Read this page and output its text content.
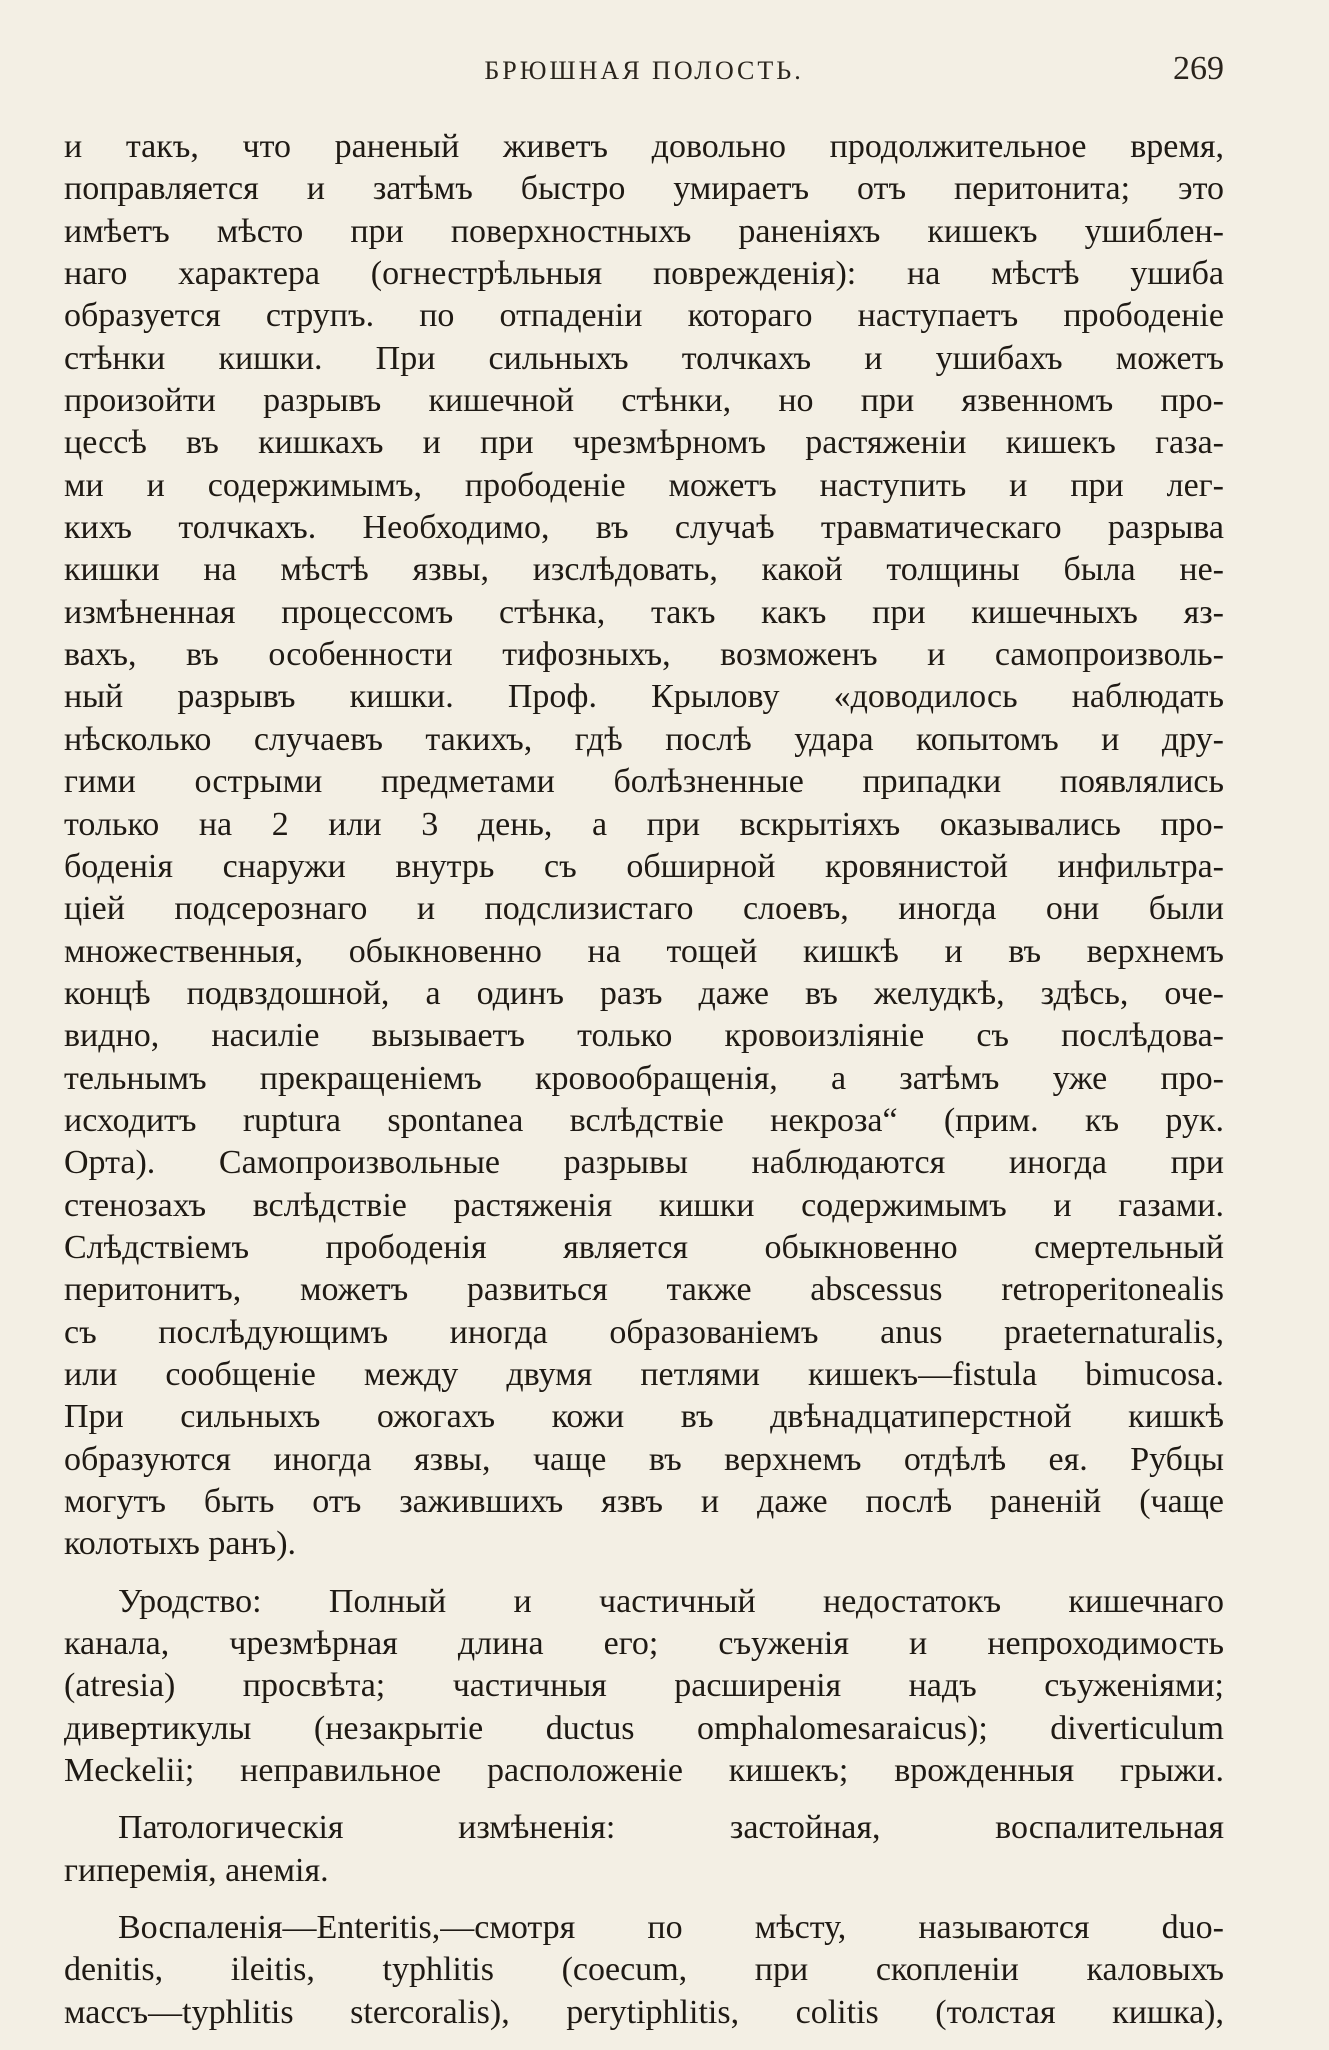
БРЮШНАЯ ПОЛОСТЬ.	269
и такъ, что раненый живетъ довольно продолжительное время,
поправляется и затѣмъ быстро умираетъ отъ перитонита; это
имѣетъ мѣсто при поверхностныхъ раненіяхъ кишекъ ушиблен-
наго характера (огнестрѣльныя поврежденія): на мѣстѣ ушиба
образуется струпъ. по отпаденіи котораго наступаетъ прободеніе
стѣнки кишки. При сильныхъ толчкахъ и ушибахъ можетъ
произойти разрывъ кишечной стѣнки, но при язвенномъ про-
цессѣ въ кишкахъ и при чрезмѣрномъ растяженіи кишекъ газа-
ми и содержимымъ, прободеніе можетъ наступить и при лег-
кихъ толчкахъ. Необходимо, въ случаѣ травматическаго разрыва
кишки на мѣстѣ язвы, изслѣдовать, какой толщины была не-
измѣненная процессомъ стѣнка, такъ какъ при кишечныхъ яз-
вахъ, въ особенности тифозныхъ, возможенъ и самопроизволь-
ный разрывъ кишки. Проф. Крылову «доводилось наблюдать
нѣсколько случаевъ такихъ, гдѣ послѣ удара копытомъ и дру-
гими острыми предметами болѣзненные припадки появлялись
только на 2 или 3 день, а при вскрытіяхъ оказывались про-
боденія снаружи внутрь съ обширной кровянистой инфильтра-
ціей подсерознаго и подслизистаго слоевъ, иногда они были
множественныя, обыкновенно на тощей кишкѣ и въ верхнемъ
концѣ подвздошной, а одинъ разъ даже въ желудкѣ, здѣсь, оче-
видно, насиліе вызываетъ только кровоизліяніе съ послѣдова-
тельнымъ прекращеніемъ кровообращенія, а затѣмъ уже про-
исходитъ ruptura spontanea вслѣдствіе некроза“ (прим. къ рук.
Орта). Самопроизвольные разрывы наблюдаются иногда при
стенозахъ вслѣдствіе растяженія кишки содержимымъ и газами.
Слѣдствіемъ прободенія является обыкновенно смертельный
перитонитъ, можетъ развиться также abscessus retroperitonealis
съ послѣдующимъ иногда образованіемъ anus praeternaturalis,
или сообщеніе между двумя петлями кишекъ—fistula bimucosa.
При сильныхъ ожогахъ кожи въ двѣнадцатиперстной кишкѣ
образуются иногда язвы, чаще въ верхнемъ отдѣлѣ ея. Рубцы
могутъ быть отъ зажившихъ язвъ и даже послѣ раненій (чаще
колотыхъ ранъ).
Уродство: Полный и частичный недостатокъ кишечнаго
канала, чрезмѣрная длина его; съуженія и непроходимость
(atresia) просвѣта; частичныя расширенія надъ съуженіями;
дивертикулы (незакрытіе ductus omphalomesaraicus); diverticulum
Meckelii; неправильное расположеніе кишекъ; врожденныя грыжи.
Патологическія измѣненія: застойная, воспалительная
гиперемія, анемія.
Воспаленія—Enteritis,—смотря по мѣсту, называются duo-
denitis, ileitis, typhlitis (coecum, при скопленіи каловыхъ
массъ—typhlitis stercoralis), perytiphlitis, colitis (толстая кишка),
